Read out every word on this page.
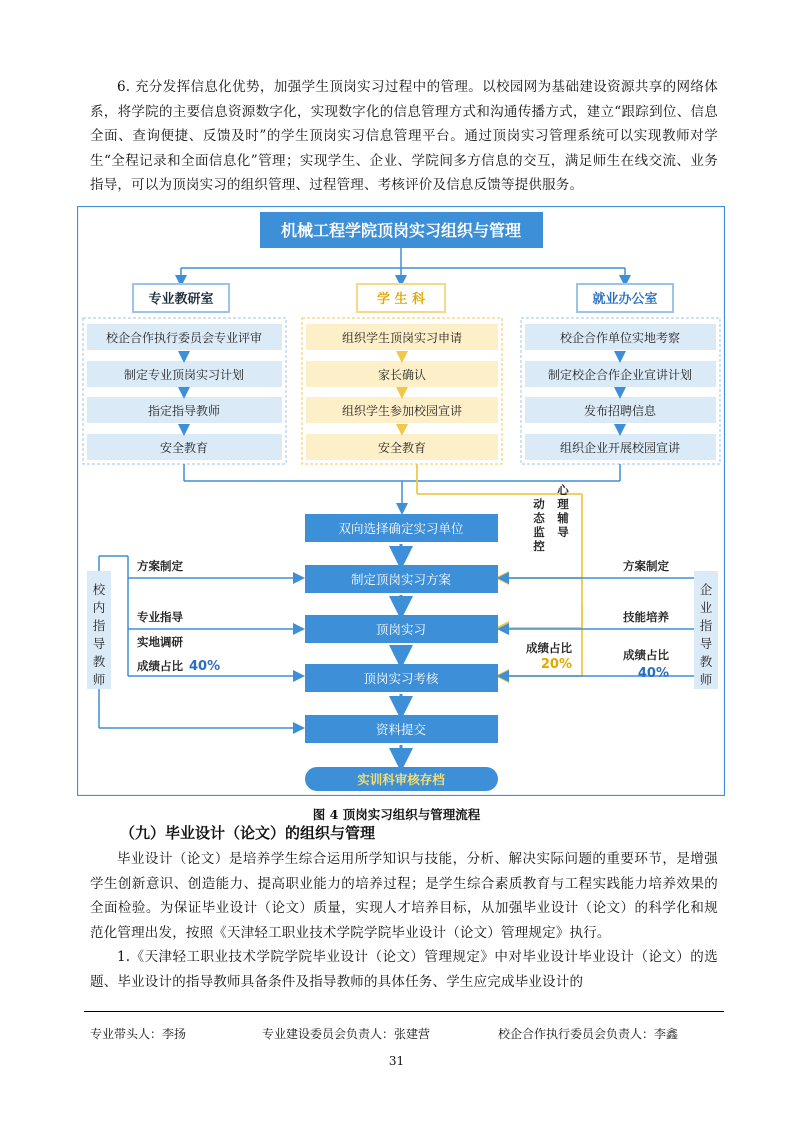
6. 充分发挥信息化优势，加强学生顶岗实习过程中的管理。以校园网为基础建设资源共享的网络体系，将学院的主要信息资源数字化，实现数字化的信息管理方式和沟通传播方式，建立“跟踪到位、信息全面、查询便捷、反馈及时”的学生顶岗实习信息管理平台。通过顶岗实习管理系统可以实现教师对学生“全程记录和全面信息化”管理；实现学生、企业、学院间多方信息的交互，满足师生在线交流、业务指导，可以为顶岗实习的组织管理、过程管理、考核评价及信息反馈等提供服务。
机械工程学院顶岗实习组织与管理
专业教研室	学 生 科	就业办公室
校企合作执行委员会专业评审
制定专业顶岗实习计划
指定指导教师
安全教育
组织学生顶岗实习申请
家长确认
组织学生参加校园宣讲
安全教育
校企合作单位实地考察
制定校企合作企业宣讲计划
发布招聘信息
组织企业开展校园宣讲
双向选择确定实习单位
制定顶岗实习方案
顶岗实习
顶岗实习考核
资料提交
实训科审核存档
校内指导教师
方案制定
专业指导
实地调研
成绩占比 40%
企业指导教师
方案制定
技能培养
成绩占比
40%
动态监控
心理辅导
成绩占比
20%
图 4 顶岗实习组织与管理流程
（九）毕业设计（论文）的组织与管理
毕业设计（论文）是培养学生综合运用所学知识与技能，分析、解决实际问题的重要环节，是增强学生创新意识、创造能力、提高职业能力的培养过程；是学生综合素质教育与工程实践能力培养效果的全面检验。为保证毕业设计（论文）质量，实现人才培养目标，从加强毕业设计（论文）的科学化和规范化管理出发，按照《天津轻工职业技术学院学院毕业设计（论文）管理规定》执行。
1.《天津轻工职业技术学院学院毕业设计（论文）管理规定》中对毕业设计毕业设计（论文）的选题、毕业设计的指导教师具备条件及指导教师的具体任务、学生应完成毕业设计的
专业带头人：李扬	专业建设委员会负责人：张建营	校企合作执行委员会负责人：李鑫
31
